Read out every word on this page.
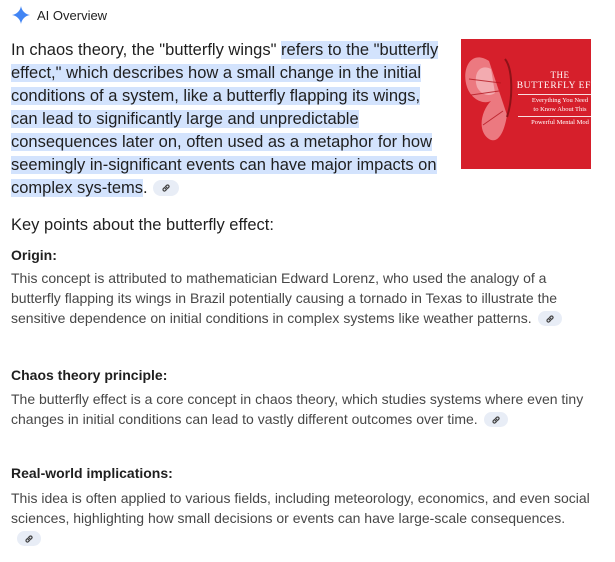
AI Overview
In chaos theory, the "butterfly wings" refers to the "butterfly effect," which describes how a small change in the initial conditions of a system, like a butterfly flapping its wings, can lead to significantly large and unpredictable consequences later on, often used as a metaphor for how seemingly in-significant events can have major impacts on complex sys-tems.
THE
BUTTERFLY EFFE
Everything You Need
to Know About This
Powerful Mental Mod
Key points about the butterfly effect:
Origin:
This concept is attributed to mathematician Edward Lorenz, who used the analogy of a butterfly flapping its wings in Brazil potentially causing a tornado in Texas to illustrate the sensitive dependence on initial conditions in complex systems like weather patterns.
Chaos theory principle:
The butterfly effect is a core concept in chaos theory, which studies systems where even tiny changes in initial conditions can lead to vastly different outcomes over time.
Real-world implications:
This idea is often applied to various fields, including meteorology, economics, and even social sciences, highlighting how small decisions or events can have large-scale consequences.
